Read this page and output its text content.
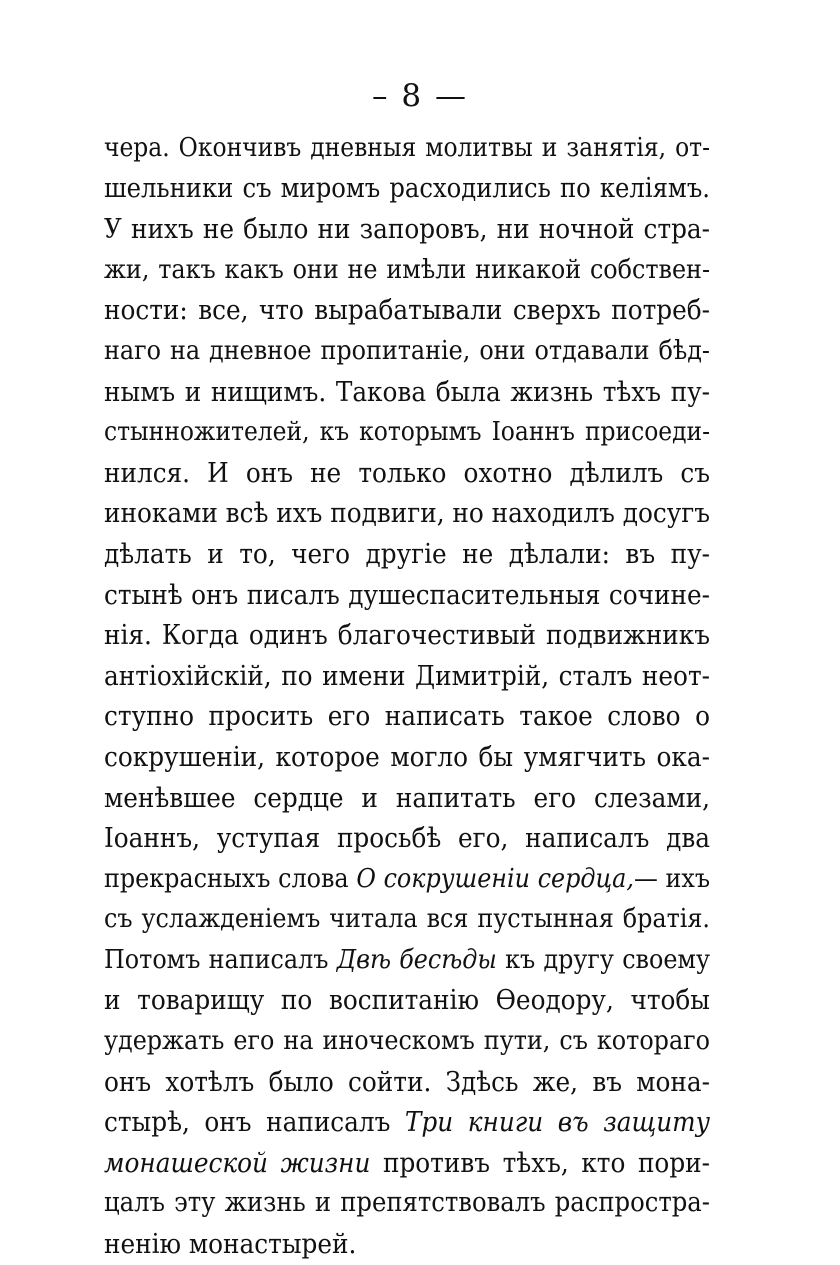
– 8 —
чера. Окончивъ дневныя молитвы и занятія, от-
шельники съ миромъ расходились по келіямъ.
У нихъ не было ни запоровъ, ни ночной стра-
жи, такъ какъ они не имѣли никакой собствен-
ности: все, что вырабатывали сверхъ потреб-
наго на дневное пропитаніе, они отдавали бѣд-
нымъ и нищимъ. Такова была жизнь тѣхъ пу-
стынножителей, къ которымъ Іоаннъ присоеди-
нился. И онъ не только охотно дѣлилъ съ
иноками всѣ ихъ подвиги, но находилъ досугъ
дѣлать и то, чего другіе не дѣлали: въ пу-
стынѣ онъ писалъ душеспасительныя сочине-
нія. Когда одинъ благочестивый подвижникъ
антіохійскій, по имени Димитрій, сталъ неот-
ступно просить его написать такое слово о
сокрушеніи, которое могло бы умягчить ока-
менѣвшее сердце и напитать его слезами,
Іоаннъ, уступая просьбѣ его, написалъ два
прекрасныхъ слова О сокрушеніи сердца,— ихъ
съ услажденіемъ читала вся пустынная братія.
Потомъ написалъ Двѣ бесѣды къ другу своему
и товарищу по воспитанію Ѳеодору, чтобы
удержать его на иноческомъ пути, съ котораго
онъ хотѣлъ было сойти. Здѣсь же, въ мона-
стырѣ, онъ написалъ Три книги въ защиту
монашеской жизни противъ тѣхъ, кто пори-
цалъ эту жизнь и препятствовалъ распростра-
ненію монастырей.
